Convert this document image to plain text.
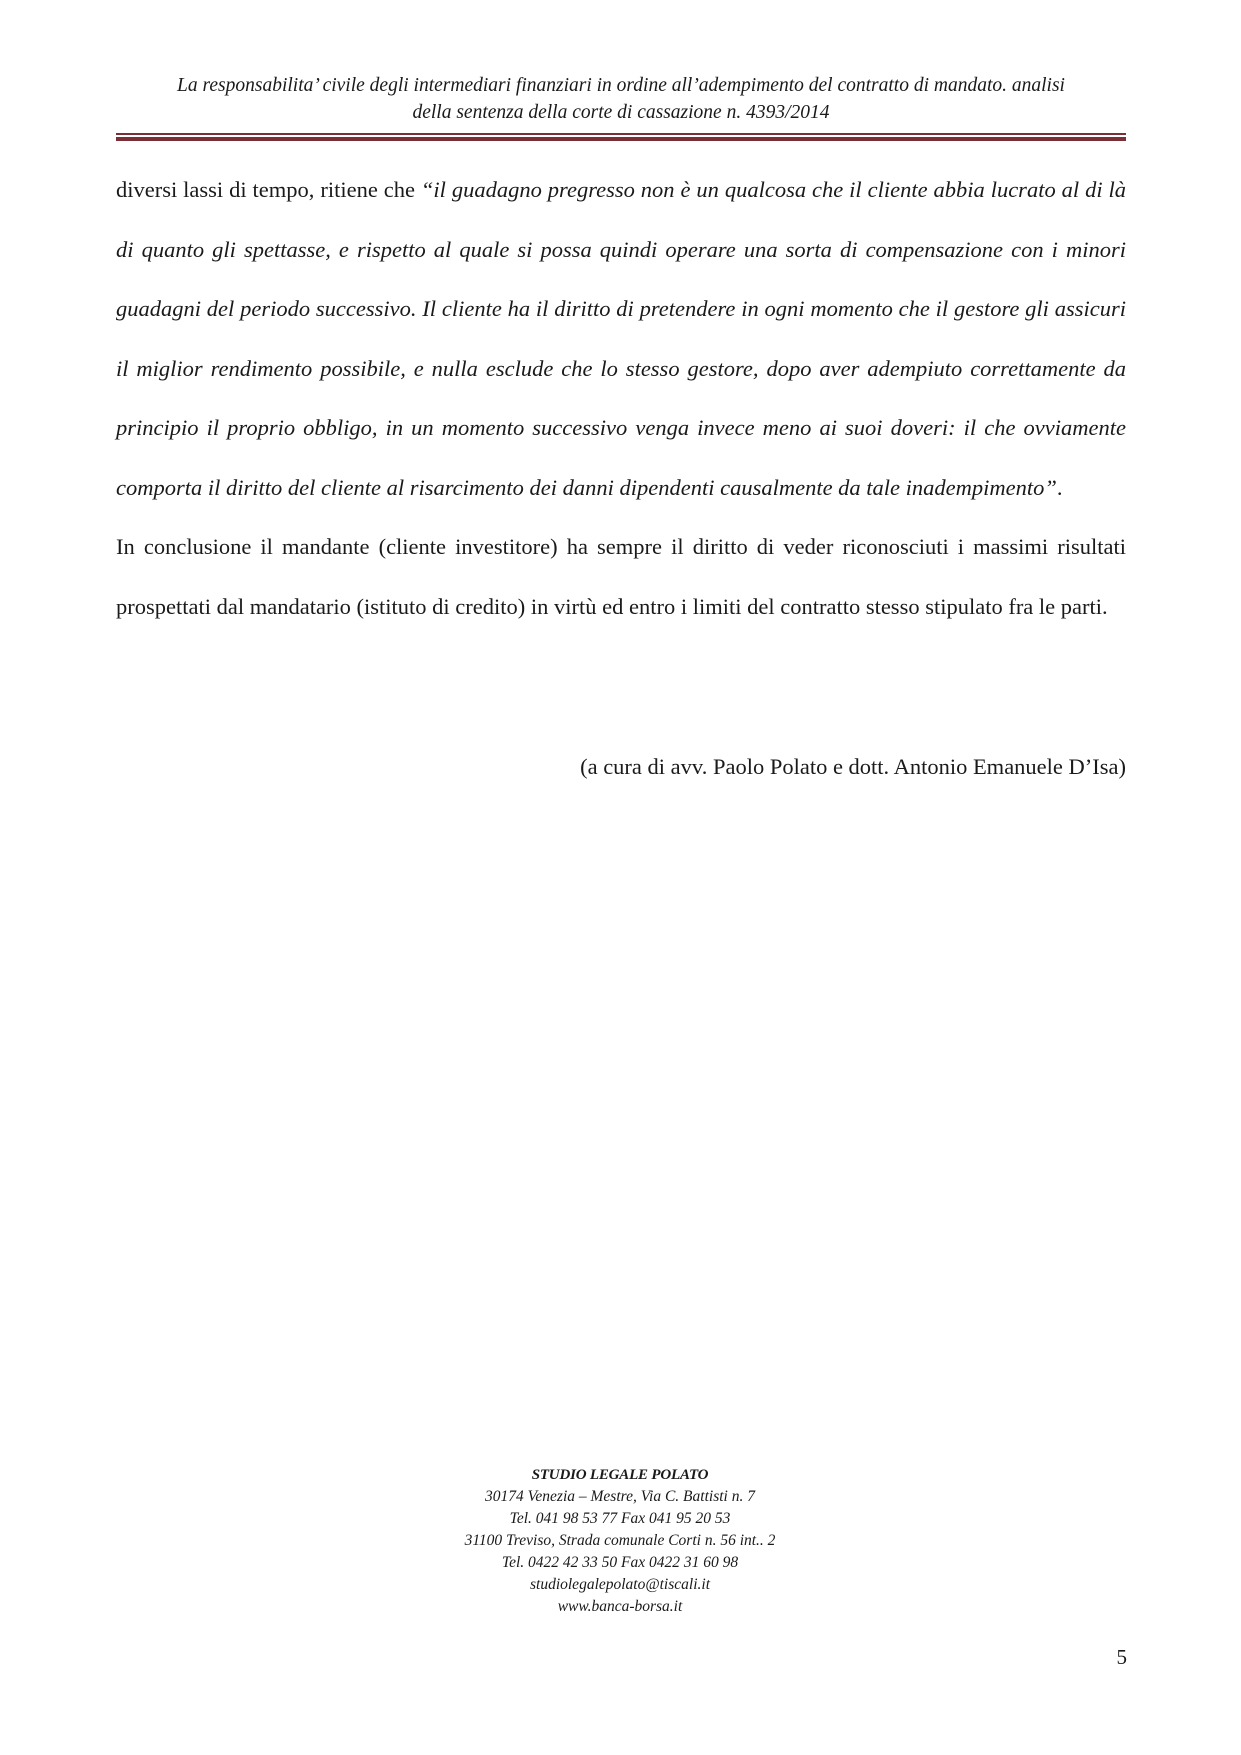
La responsabilita’ civile degli intermediari finanziari in ordine all’adempimento del contratto di mandato. analisi
della sentenza della corte di cassazione n. 4393/2014

diversi lassi di tempo, ritiene che “il guadagno pregresso non è un qualcosa che il cliente abbia lucrato al di là di quanto gli spettasse, e rispetto al quale si possa quindi operare una sorta di compensazione con i minori guadagni del periodo successivo. Il cliente ha il diritto di pretendere in ogni momento che il gestore gli assicuri il miglior rendimento possibile, e nulla esclude che lo stesso gestore, dopo aver adempiuto correttamente da principio il proprio obbligo, in un momento successivo venga invece meno ai suoi doveri: il che ovviamente comporta il diritto del cliente al risarcimento dei danni dipendenti causalmente da tale inadempimento”.

In conclusione il mandante (cliente investitore) ha sempre il diritto di veder riconosciuti i massimi risultati prospettati dal mandatario (istituto di credito) in virtù ed entro i limiti del contratto stesso stipulato fra le parti.

(a cura di avv. Paolo Polato e dott. Antonio Emanuele D’Isa)
STUDIO LEGALE POLATO
30174 Venezia – Mestre, Via C. Battisti n. 7
Tel. 041 98 53 77 Fax 041 95 20 53
31100 Treviso, Strada comunale Corti n. 56 int.. 2
Tel. 0422 42 33 50 Fax 0422 31 60 98
studiolegalepolato@tiscali.it
www.banca-borsa.it
5
